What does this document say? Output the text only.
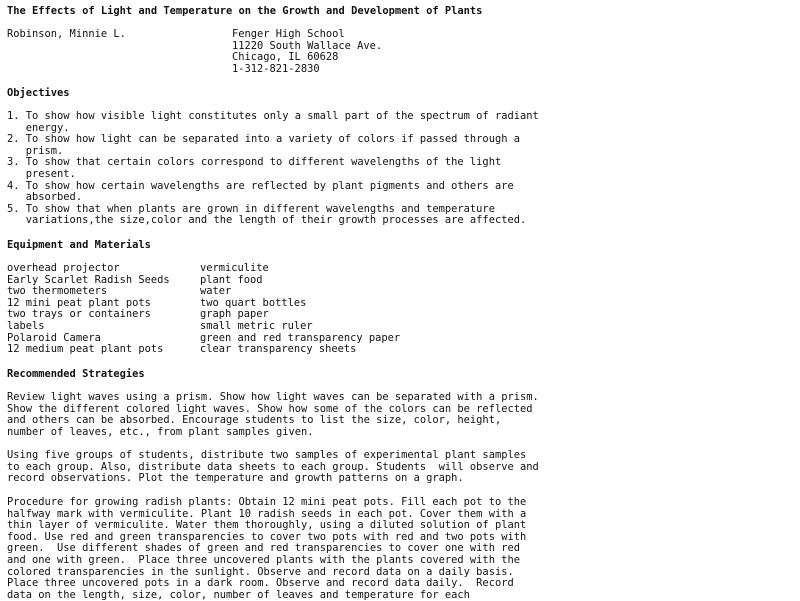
The Effects of Light and Temperature on the Growth and Development of Plants
Robinson, Minnie L.	Fenger High School
11220 South Wallace Ave.
Chicago, IL 60628
1-312-821-2830
Objectives
1. To show how visible light constitutes only a small part of the spectrum of radiant
energy.
2. To show how light can be separated into a variety of colors if passed through a
prism.
3. To show that certain colors correspond to different wavelengths of the light
present.
4. To show how certain wavelengths are reflected by plant pigments and others are
absorbed.
5. To show that when plants are grown in different wavelengths and temperature
variations,the size,color and the length of their growth processes are affected.
Equipment and Materials
overhead projector
Early Scarlet Radish Seeds
two thermometers
12 mini peat plant pots
two trays or containers
labels
Polaroid Camera
12 medium peat plant pots
vermiculite
plant food
water
two quart bottles
graph paper
small metric ruler
green and red transparency paper
clear transparency sheets
Recommended Strategies
Review light waves using a prism. Show how light waves can be separated with a prism.
Show the different colored light waves. Show how some of the colors can be reflected
and others can be absorbed. Encourage students to list the size, color, height,
number of leaves, etc., from plant samples given.
Using five groups of students, distribute two samples of experimental plant samples
to each group. Also, distribute data sheets to each group. Students  will observe and
record observations. Plot the temperature and growth patterns on a graph.
Procedure for growing radish plants: Obtain 12 mini peat pots. Fill each pot to the
halfway mark with vermiculite. Plant 10 radish seeds in each pot. Cover them with a
thin layer of vermiculite. Water them thoroughly, using a diluted solution of plant
food. Use red and green transparencies to cover two pots with red and two pots with
green.  Use different shades of green and red transparencies to cover one with red
and one with green.  Place three uncovered plants with the plants covered with the
colored transparencies in the sunlight. Observe and record data on a daily basis.
Place three uncovered pots in a dark room. Observe and record data daily.  Record
data on the length, size, color, number of leaves and temperature for each
